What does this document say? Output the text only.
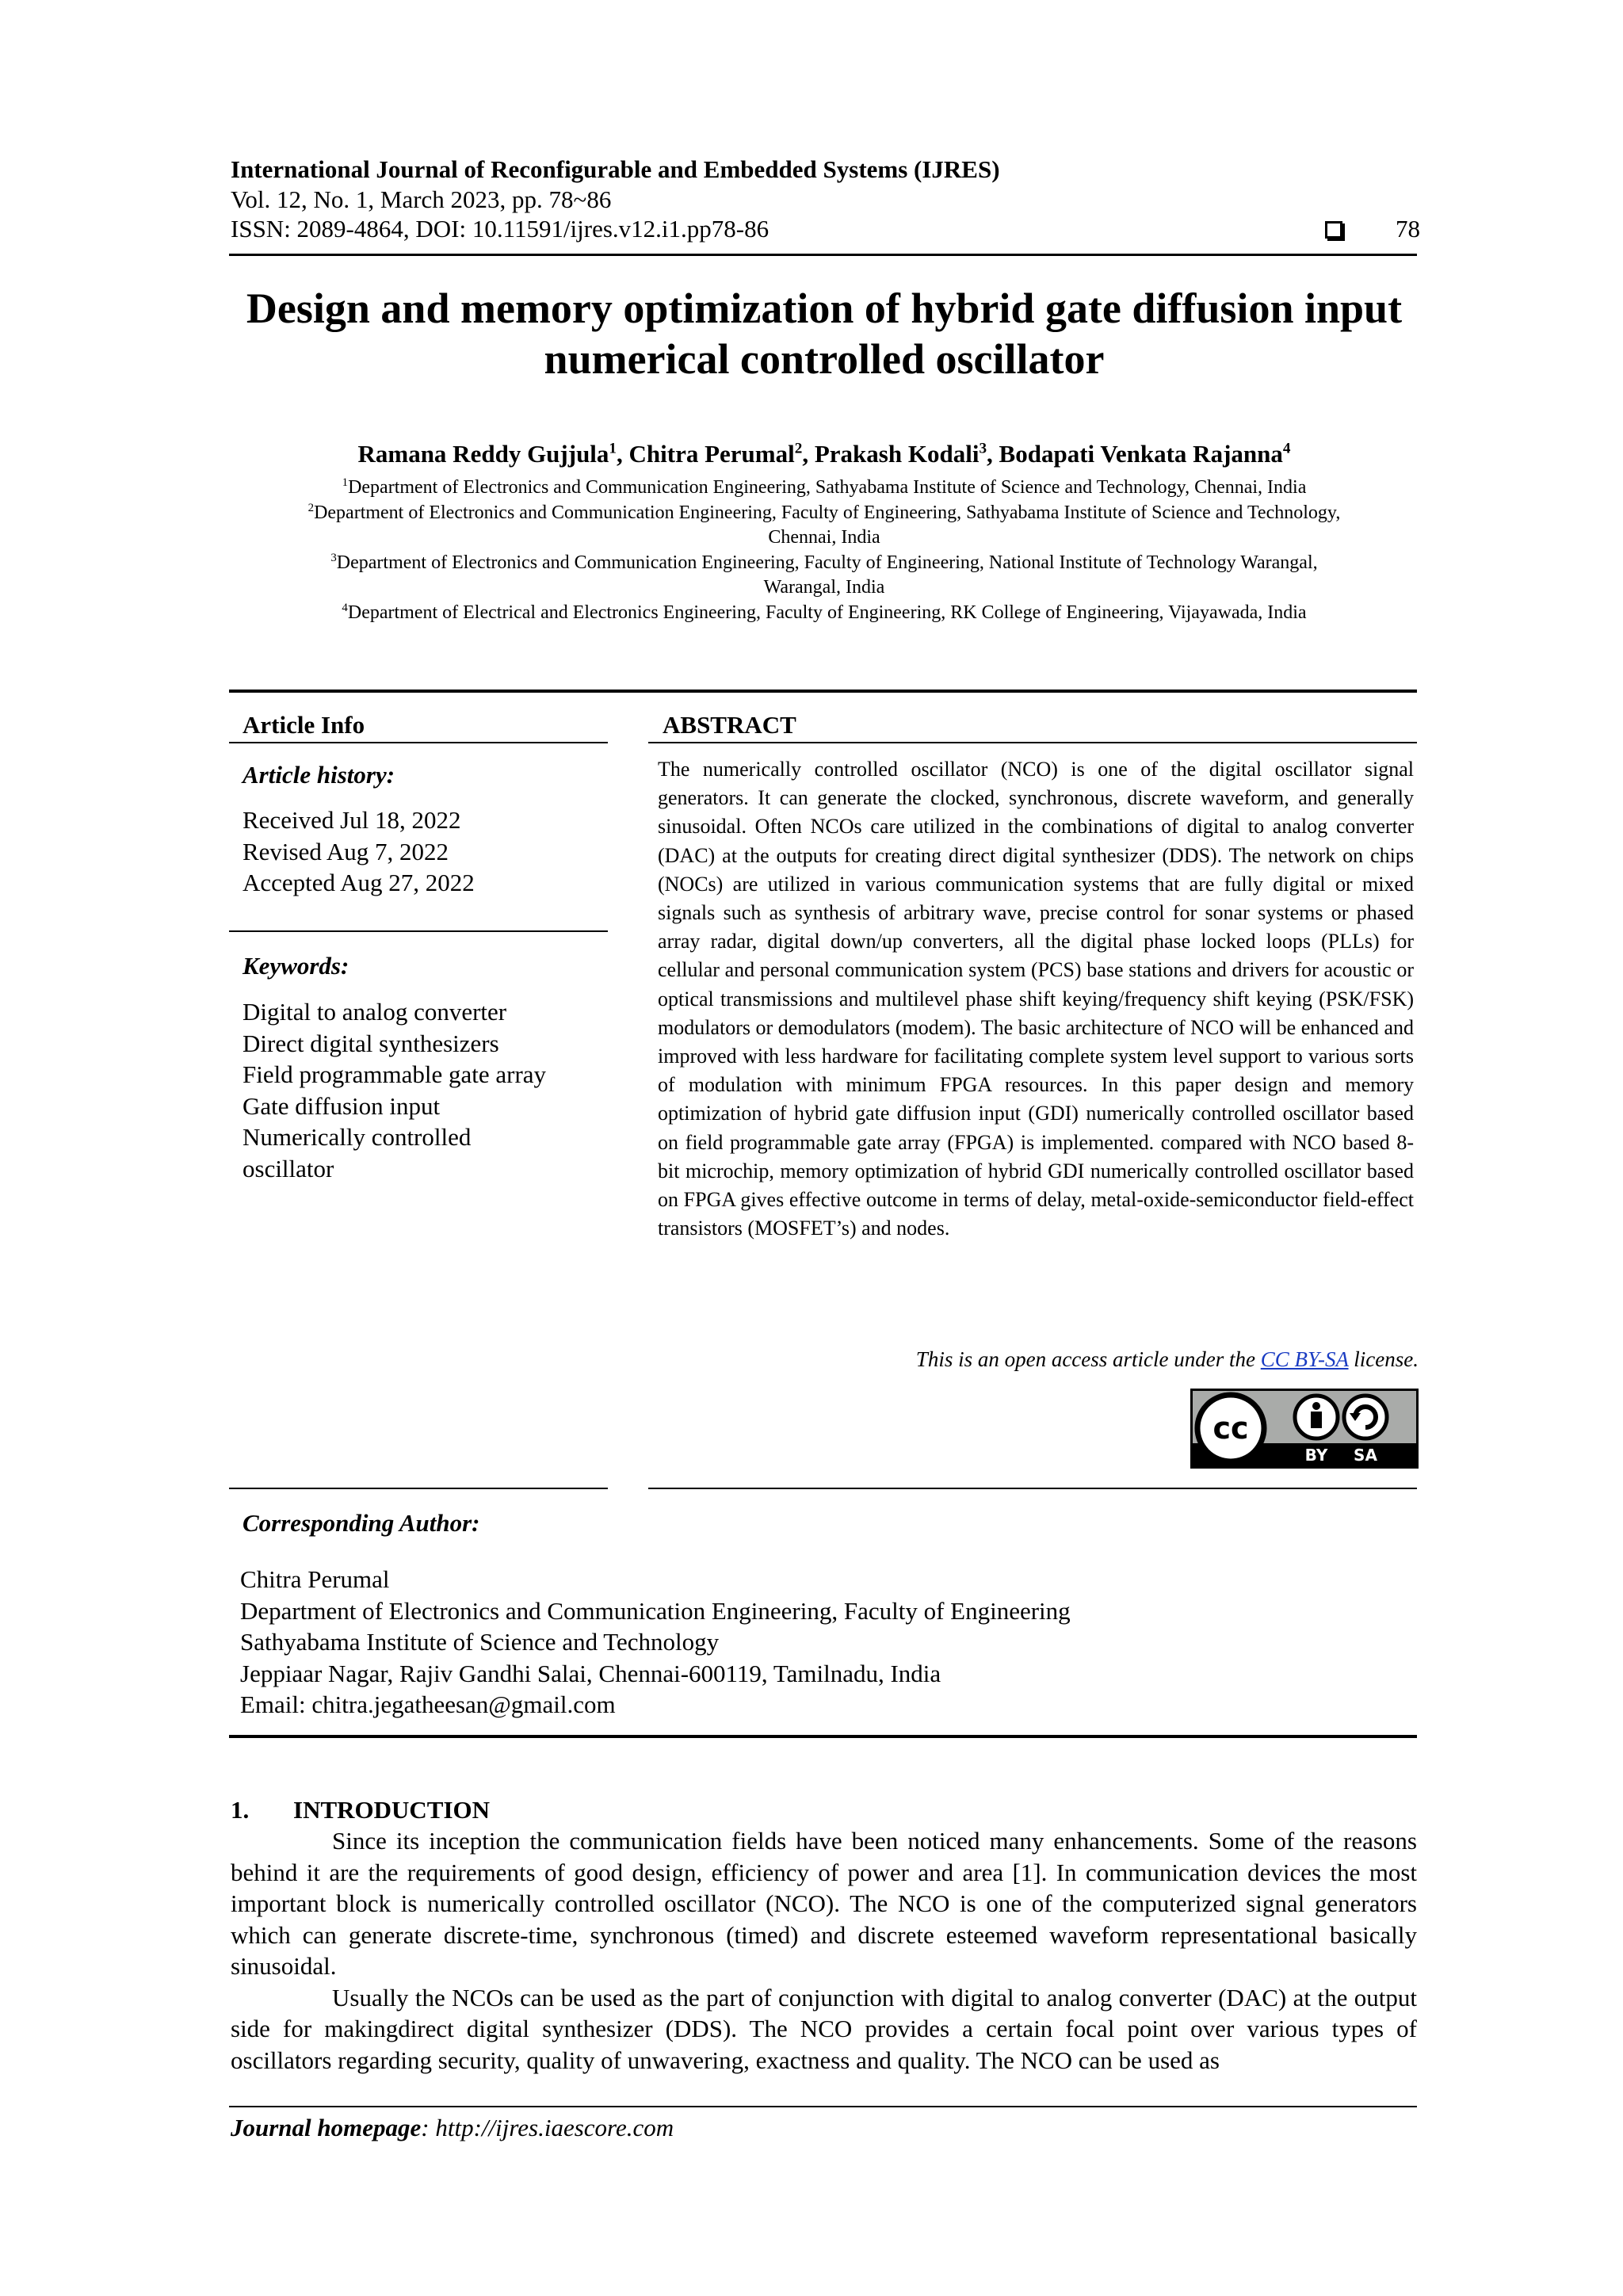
International Journal of Reconfigurable and Embedded Systems (IJRES)
Vol. 12, No. 1, March 2023, pp. 78~86
ISSN: 2089-4864, DOI: 10.11591/ijres.v12.i1.pp78-86	78
Design and memory optimization of hybrid gate diffusion input
numerical controlled oscillator
Ramana Reddy Gujjula$^1$, Chitra Perumal$^2$, Prakash Kodali$^3$, Bodapati Venkata Rajanna$^4$
$^1$Department of Electronics and Communication Engineering, Sathyabama Institute of Science and Technology, Chennai, India
$^2$Department of Electronics and Communication Engineering, Faculty of Engineering, Sathyabama Institute of Science and Technology,
Chennai, India
$^3$Department of Electronics and Communication Engineering, Faculty of Engineering, National Institute of Technology Warangal,
Warangal, India
$^4$Department of Electrical and Electronics Engineering, Faculty of Engineering, RK College of Engineering, Vijayawada, India
Article Info
Article history:
Received Jul 18, 2022
Revised Aug 7, 2022
Accepted Aug 27, 2022
Keywords:
Digital to analog converter
Direct digital synthesizers
Field programmable gate array
Gate diffusion input
Numerically controlled
oscillator
ABSTRACT
The numerically controlled oscillator (NCO) is one of the digital oscillator signal generators. It can generate the clocked, synchronous, discrete waveform, and generally sinusoidal. Often NCOs care utilized in the combinations of digital to analog converter (DAC) at the outputs for creating direct digital synthesizer (DDS). The network on chips (NOCs) are utilized in various communication systems that are fully digital or mixed signals such as synthesis of arbitrary wave, precise control for sonar systems or phased array radar, digital down/up converters, all the digital phase locked loops (PLLs) for cellular and personal communication system (PCS) base stations and drivers for acoustic or optical transmissions and multilevel phase shift keying/frequency shift keying (PSK/FSK) modulators or demodulators (modem). The basic architecture of NCO will be enhanced and improved with less hardware for facilitating complete system level support to various sorts of modulation with minimum FPGA resources. In this paper design and memory optimization of hybrid gate diffusion input (GDI) numerically controlled oscillator based on field programmable gate array (FPGA) is implemented. compared with NCO based 8-bit microchip, memory optimization of hybrid GDI numerically controlled oscillator based on FPGA gives effective outcome in terms of delay, metal-oxide-semiconductor field-effect transistors (MOSFET’s) and nodes.
This is an open access article under the CC BY-SA license.
cc
BY SA
Corresponding Author:
Chitra Perumal
Department of Electronics and Communication Engineering, Faculty of Engineering
Sathyabama Institute of Science and Technology
Jeppiaar Nagar, Rajiv Gandhi Salai, Chennai-600119, Tamilnadu, India
Email: chitra.jegatheesan@gmail.com
1. INTRODUCTION

Since its inception the communication fields have been noticed many enhancements. Some of the reasons behind it are the requirements of good design, efficiency of power and area [1]. In communication devices the most important block is numerically controlled oscillator (NCO). The NCO is one of the computerized signal generators which can generate discrete-time, synchronous (timed) and discrete esteemed waveform representational basically sinusoidal.

Usually the NCOs can be used as the part of conjunction with digital to analog converter (DAC) at the output side for makingdirect digital synthesizer (DDS). The NCO provides a certain focal point over various types of oscillators regarding security, quality of unwavering, exactness and quality. The NCO can be used as

Journal homepage: http://ijres.iaescore.com
